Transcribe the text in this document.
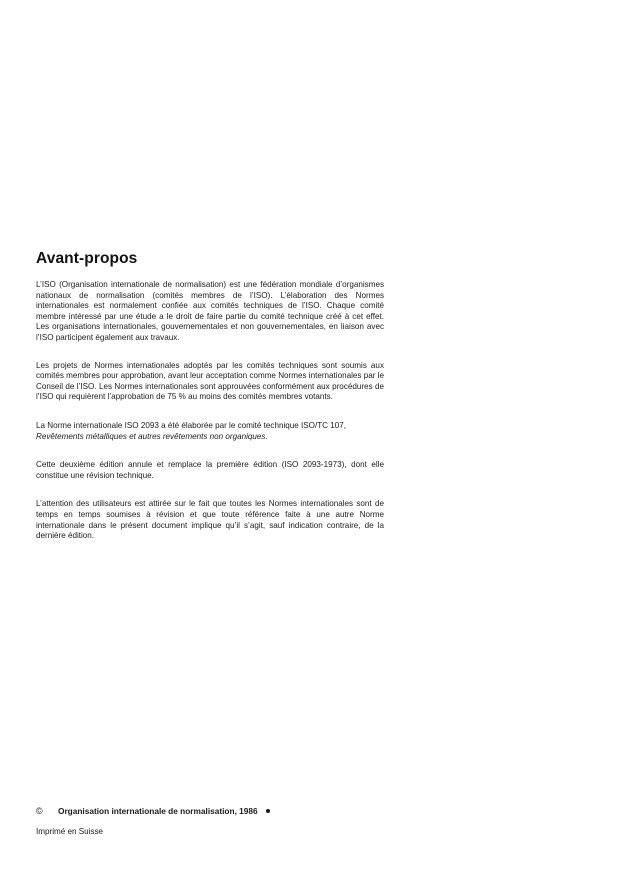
Avant-propos

L’ISO (Organisation internationale de normalisation) est une fédération mondiale d’organismes nationaux de normalisation (comités membres de l’ISO). L’élaboration des Normes internationales est normalement confiée aux comités techniques de l’ISO. Chaque comité membre intéressé par une étude a le droit de faire partie du comité technique créé à cet effet. Les organisations internationales, gouvernementales et non gouvernementales, en liaison avec l’ISO participent également aux travaux.

Les projets de Normes internationales adoptés par les comités techniques sont soumis aux comités membres pour approbation, avant leur acceptation comme Normes internationales par le Conseil de l’ISO. Les Normes internationales sont approuvées conformément aux procédures de l’ISO qui requièrent l’approbation de 75 % au moins des comités membres votants.

La Norme internationale ISO 2093 a été élaborée par le comité technique ISO/TC 107,
Revêtements métalliques et autres revêtements non organiques.

Cette deuxième édition annule et remplace la première édition (ISO 2093-1973), dont elle constitue une révision technique.

L’attention des utilisateurs est attirée sur le fait que toutes les Normes internationales sont de temps en temps soumises à révision et que toute référence faite à une autre Norme internationale dans le présent document implique qu’il s’agit, sauf indication contraire, de la dernière édition.

©	Organisation internationale de normalisation, 1986
Imprimé en Suisse
